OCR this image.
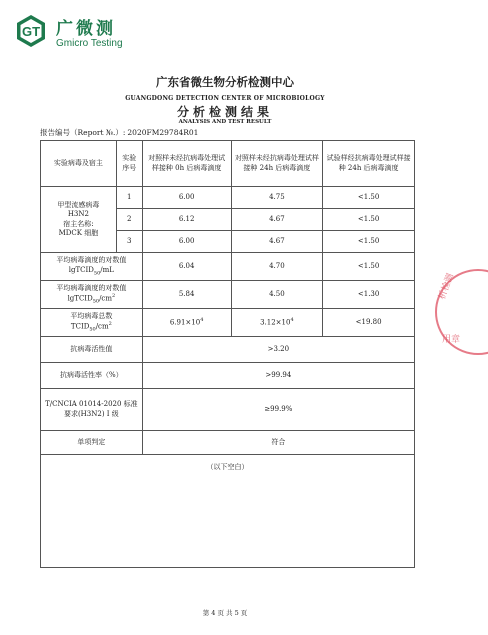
GT 广微测
Gmicro Testing
广东省微生物分析检测中心
GUANGDONG DETECTION CENTER OF MICROBIOLOGY
分析检测结果
ANALYSIS AND TEST RESULT
报告编号（Report №.）: 2020FM29784R01
实验病毒及宿主	实验序号	对照样未经抗病毒处理试样接种 0h 后病毒滴度	对照样未经抗病毒处理试样接种 24h 后病毒滴度	试验样经抗病毒处理试样接种 24h 后病毒滴度

甲型流感病毒
H3N2
宿主名称:
MDCK 细胞	1	6.00	4.75	<1.50
	2	6.12	4.67	<1.50
	3	6.00	4.67	<1.50

平均病毒滴度的对数值
lgTCID$_{50}$/mL		6.04	4.70	<1.50

平均病毒滴度的对数值
$lgTCID_{50}/cm^2$		5.84	4.50	<1.30

平均病毒总数
$TCID_{50}/cm^2$		$6.91\times 10^4$	$3.12\times 10^4$	<19.80
抗病毒活性值		>3.20		
抗病毒活性率（%）		>99.94		

T/CNCIA 01014-2020 标准
要求(H3N2) I 级		≥99.9%		
单项判定		符合		
（以下空白）				
析检测
用章
第 4 页 共 5 页
